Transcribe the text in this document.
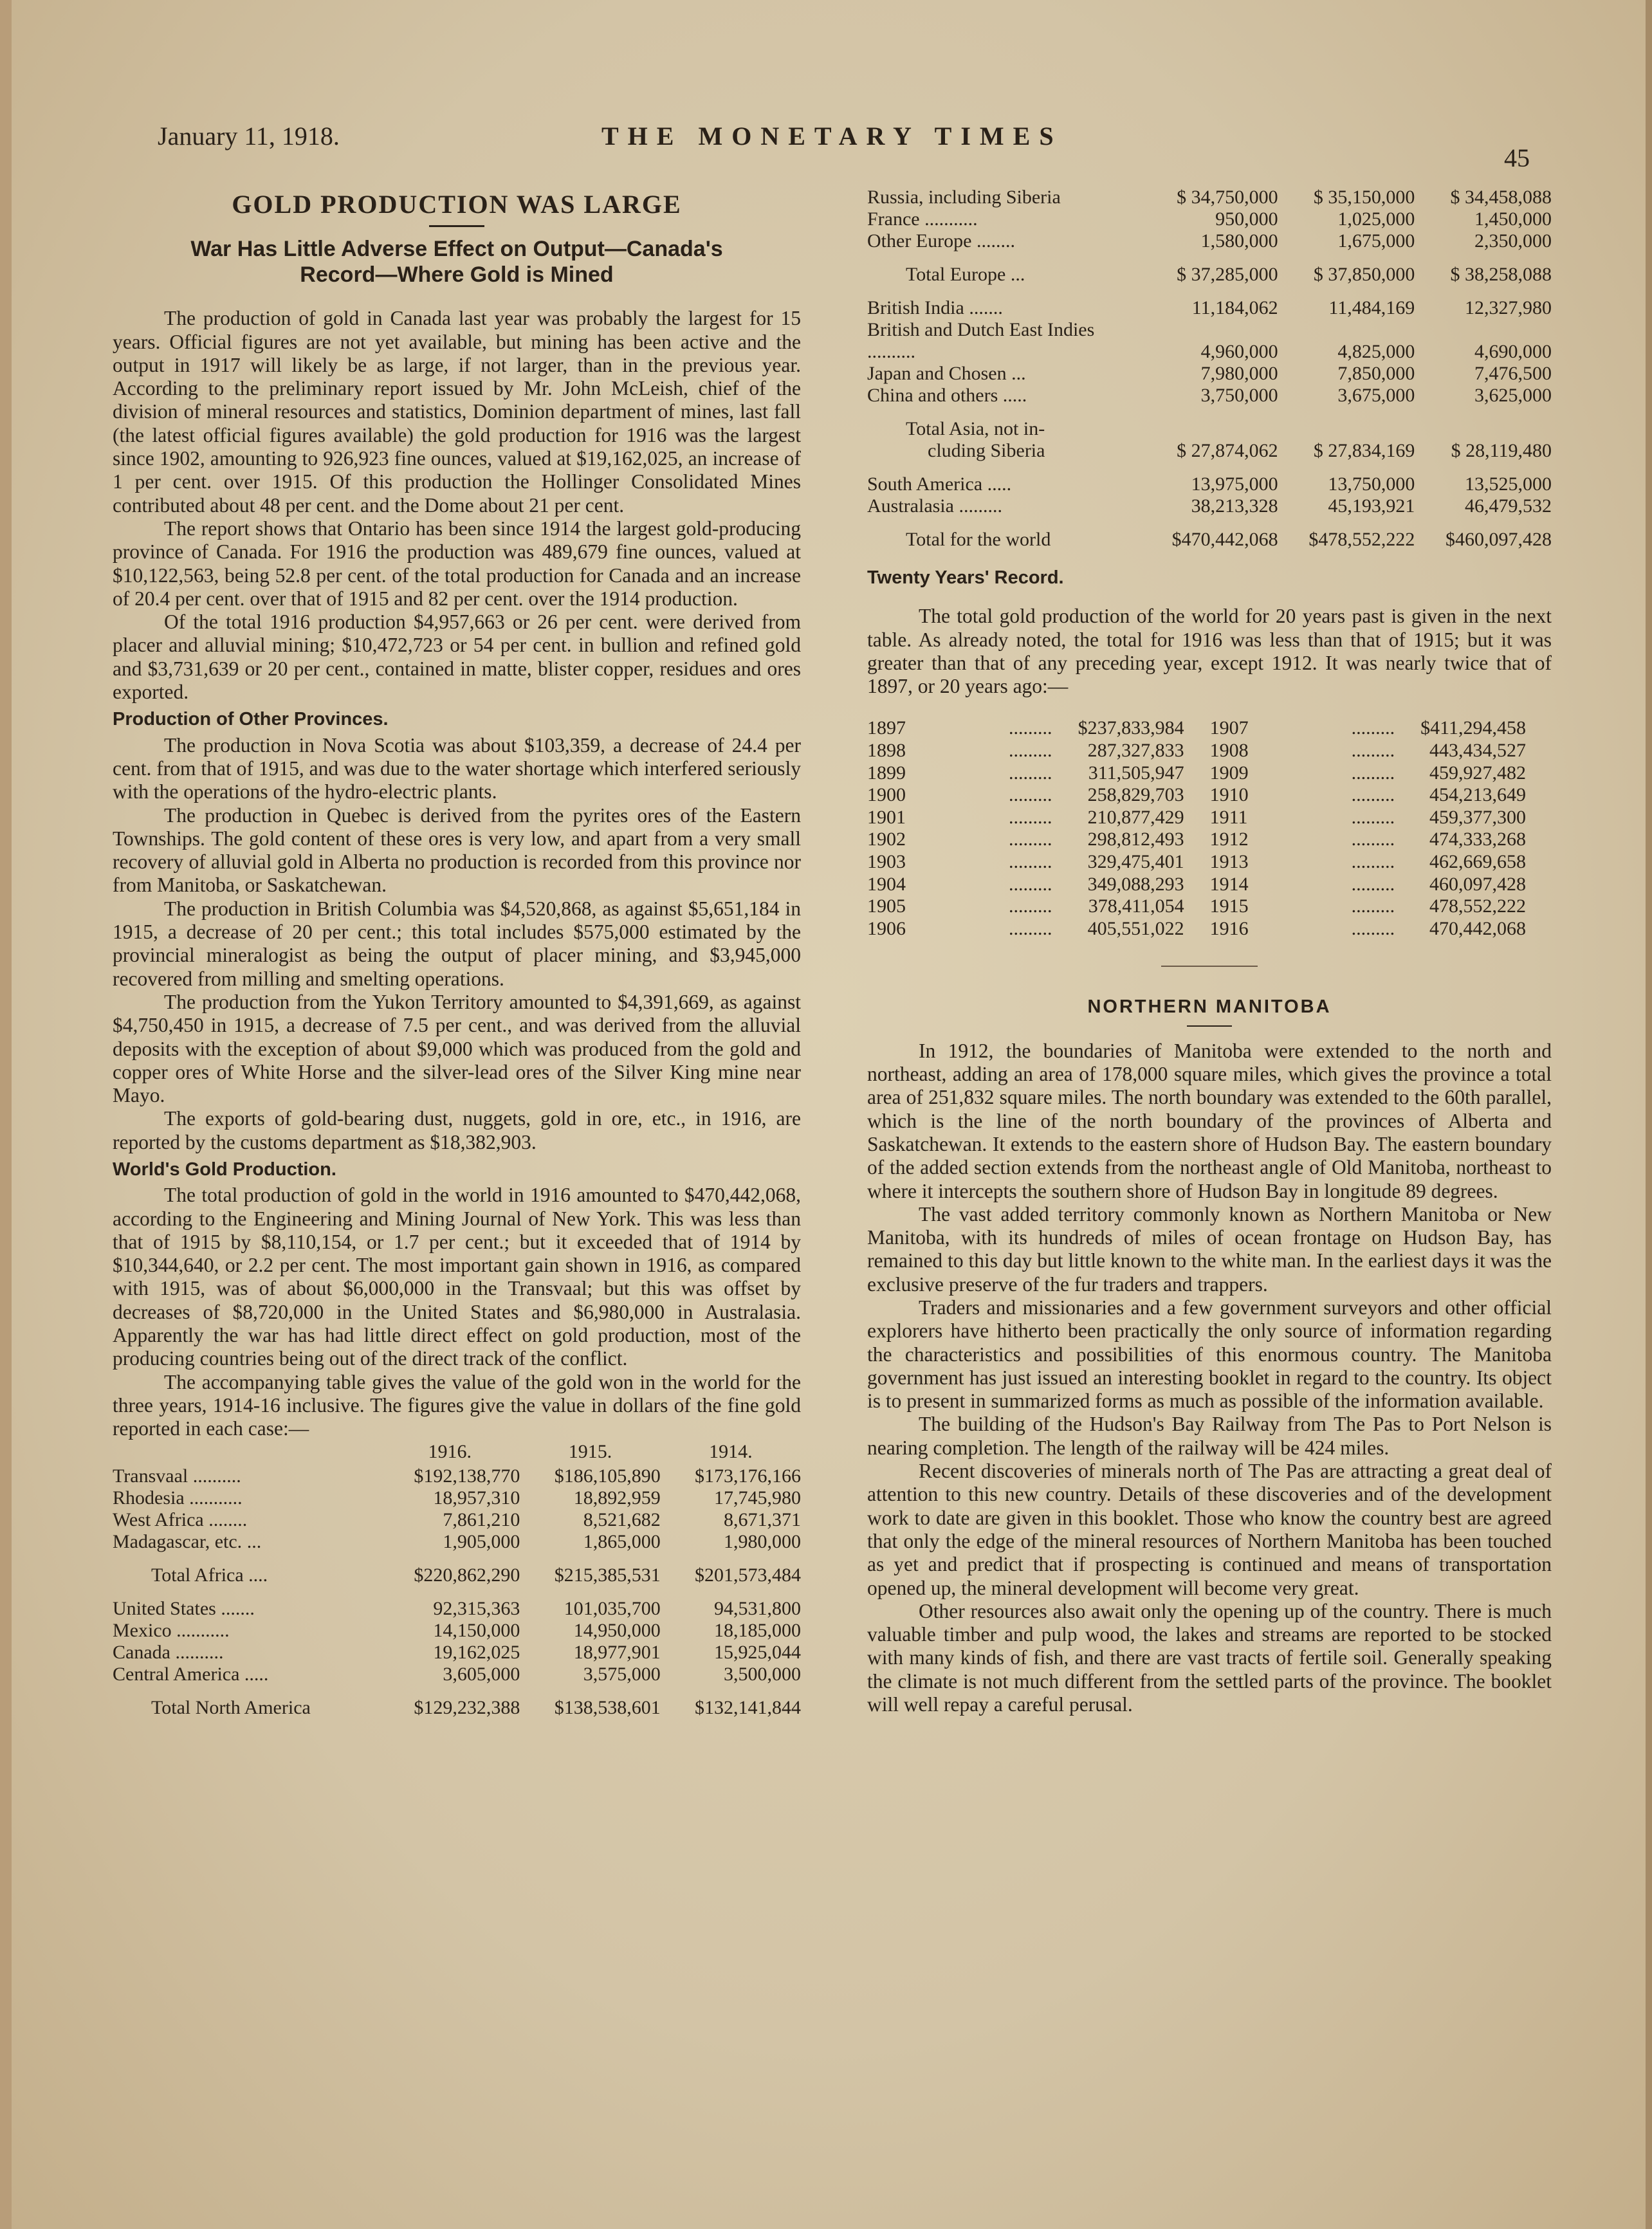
January 11, 1918.	THE MONETARY TIMES
45
GOLD PRODUCTION WAS LARGE
War Has Little Adverse Effect on Output—Canada's
Record—Where Gold is Mined

The production of gold in Canada last year was probably the largest for 15 years. Official figures are not yet available, but mining has been active and the output in 1917 will likely be as large, if not larger, than in the previous year. According to the preliminary report issued by Mr. John McLeish, chief of the division of mineral resources and statistics, Dominion department of mines, last fall (the latest official figures available) the gold production for 1916 was the largest since 1902, amounting to 926,923 fine ounces, valued at $19,162,025, an increase of 1 per cent. over 1915. Of this production the Hollinger Consolidated Mines contributed about 48 per cent. and the Dome about 21 per cent.

The report shows that Ontario has been since 1914 the largest gold-producing province of Canada. For 1916 the production was 489,679 fine ounces, valued at $10,122,563, being 52.8 per cent. of the total production for Canada and an increase of 20.4 per cent. over that of 1915 and 82 per cent. over the 1914 production.

Of the total 1916 production $4,957,663 or 26 per cent. were derived from placer and alluvial mining; $10,472,723 or 54 per cent. in bullion and refined gold and $3,731,639 or 20 per cent., contained in matte, blister copper, residues and ores exported.

Production of Other Provinces.

The production in Nova Scotia was about $103,359, a decrease of 24.4 per cent. from that of 1915, and was due to the water shortage which interfered seriously with the operations of the hydro-electric plants.

The production in Quebec is derived from the pyrites ores of the Eastern Townships. The gold content of these ores is very low, and apart from a very small recovery of alluvial gold in Alberta no production is recorded from this province nor from Manitoba, or Saskatchewan.

The production in British Columbia was $4,520,868, as against $5,651,184 in 1915, a decrease of 20 per cent.; this total includes $575,000 estimated by the provincial mineralogist as being the output of placer mining, and $3,945,000 recovered from milling and smelting operations.

The production from the Yukon Territory amounted to $4,391,669, as against $4,750,450 in 1915, a decrease of 7.5 per cent., and was derived from the alluvial deposits with the exception of about $9,000 which was produced from the gold and copper ores of White Horse and the silver-lead ores of the Silver King mine near Mayo.

The exports of gold-bearing dust, nuggets, gold in ore, etc., in 1916, are reported by the customs department as $18,382,903.

World's Gold Production.

The total production of gold in the world in 1916 amounted to $470,442,068, according to the Engineering and Mining Journal of New York. This was less than that of 1915 by $8,110,154, or 1.7 per cent.; but it exceeded that of 1914 by $10,344,640, or 2.2 per cent. The most important gain shown in 1916, as compared with 1915, was of about $6,000,000 in the Transvaal; but this was offset by decreases of $8,720,000 in the United States and $6,980,000 in Australasia. Apparently the war has had little direct effect on gold production, most of the producing countries being out of the direct track of the conflict.

The accompanying table gives the value of the gold won in the world for the three years, 1914-16 inclusive. The figures give the value in dollars of the fine gold reported in each case:—

	1916.	1915.	1914.
Transvaal ..........	$192,138,770	$186,105,890	$173,176,166
Rhodesia ...........	18,957,310	18,892,959	17,745,980
West Africa ........	7,861,210	8,521,682	8,671,371
Madagascar, etc. ...	1,905,000	1,865,000	1,980,000
Total Africa ....	$220,862,290	$215,385,531	$201,573,484
United States .......	92,315,363	101,035,700	94,531,800
Mexico ...........	14,150,000	14,950,000	18,185,000
Canada ..........	19,162,025	18,977,901	15,925,044
Central America .....	3,605,000	3,575,000	3,500,000
Total North America	$129,232,388	$138,538,601	$132,141,844
Russia, including Siberia	$ 34,750,000	$ 35,150,000	$ 34,458,088
France ...........	950,000	1,025,000	1,450,000
Other Europe ........	1,580,000	1,675,000	2,350,000
Total Europe ...	$ 37,285,000	$ 37,850,000	$ 38,258,088
British India .......	11,184,062	11,484,169	12,327,980
British and Dutch East Indies ..........	4,960,000	4,825,000	4,690,000
Japan and Chosen ...	7,980,000	7,850,000	7,476,500
China and others .....	3,750,000	3,675,000	3,625,000
Total Asia, not in-
cluding Siberia	$ 27,874,062	$ 27,834,169	$ 28,119,480
South America .....	13,975,000	13,750,000	13,525,000
Australasia .........	38,213,328	45,193,921	46,479,532
Total for the world	$470,442,068	$478,552,222	$460,097,428
Twenty Years' Record.

The total gold production of the world for 20 years past is given in the next table. As already noted, the total for 1916 was less than that of 1915; but it was greater than that of any preceding year, except 1912. It was nearly twice that of 1897, or 20 years ago:—

1897	.........	$237,833,984	1907	.........	$411,294,458
1898	.........	287,327,833	1908	.........	443,434,527
1899	.........	311,505,947	1909	.........	459,927,482
1900	.........	258,829,703	1910	.........	454,213,649
1901	.........	210,877,429	1911	.........	459,377,300
1902	.........	298,812,493	1912	.........	474,333,268
1903	.........	329,475,401	1913	.........	462,669,658
1904	.........	349,088,293	1914	.........	460,097,428
1905	.........	378,411,054	1915	.........	478,552,222
1906	.........	405,551,022	1916	.........	470,442,068
NORTHERN MANITOBA

In 1912, the boundaries of Manitoba were extended to the north and northeast, adding an area of 178,000 square miles, which gives the province a total area of 251,832 square miles. The north boundary was extended to the 60th parallel, which is the line of the north boundary of the provinces of Alberta and Saskatchewan. It extends to the eastern shore of Hudson Bay. The eastern boundary of the added section extends from the northeast angle of Old Manitoba, northeast to where it intercepts the southern shore of Hudson Bay in longitude 89 degrees.

The vast added territory commonly known as Northern Manitoba or New Manitoba, with its hundreds of miles of ocean frontage on Hudson Bay, has remained to this day but little known to the white man. In the earliest days it was the exclusive preserve of the fur traders and trappers.

Traders and missionaries and a few government surveyors and other official explorers have hitherto been practically the only source of information regarding the characteristics and possibilities of this enormous country. The Manitoba government has just issued an interesting booklet in regard to the country. Its object is to present in summarized forms as much as possible of the information available.

The building of the Hudson's Bay Railway from The Pas to Port Nelson is nearing completion. The length of the railway will be 424 miles.

Recent discoveries of minerals north of The Pas are attracting a great deal of attention to this new country. Details of these discoveries and of the development work to date are given in this booklet. Those who know the country best are agreed that only the edge of the mineral resources of Northern Manitoba has been touched as yet and predict that if prospecting is continued and means of transportation opened up, the mineral development will become very great.

Other resources also await only the opening up of the country. There is much valuable timber and pulp wood, the lakes and streams are reported to be stocked with many kinds of fish, and there are vast tracts of fertile soil. Generally speaking the climate is not much different from the settled parts of the province. The booklet will well repay a careful perusal.
